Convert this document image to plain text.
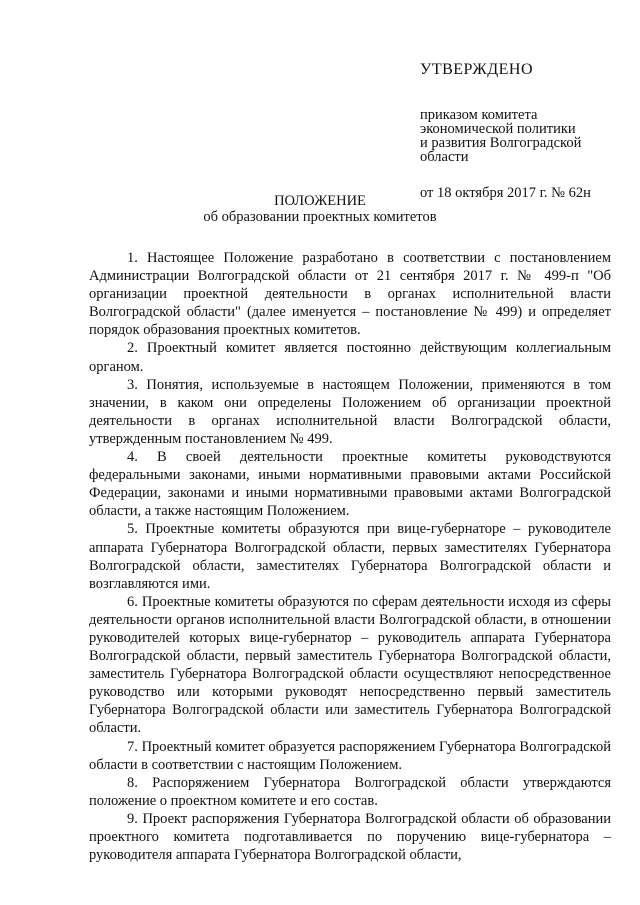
УТВЕРЖДЕНО
приказом комитета
экономической политики
и развития Волгоградской
области
от 18 октября 2017 г. № 62н
ПОЛОЖЕНИЕ
об образовании проектных комитетов

1. Настоящее Положение разработано в соответствии с постановлением Администрации Волгоградской области от 21 сентября 2017 г. № 499-п "Об организации проектной деятельности в органах исполнительной власти Волгоградской области" (далее именуется – постановление № 499) и определяет порядок образования проектных комитетов.

2. Проектный комитет является постоянно действующим коллегиальным органом.

3. Понятия, используемые в настоящем Положении, применяются в том значении, в каком они определены Положением об организации проектной деятельности в органах исполнительной власти Волгоградской области, утвержденным постановлением № 499.

4. В своей деятельности проектные комитеты руководствуются федеральными законами, иными нормативными правовыми актами Российской Федерации, законами и иными нормативными правовыми актами Волгоградской области, а также настоящим Положением.

5. Проектные комитеты образуются при вице-губернаторе – руководителе аппарата Губернатора Волгоградской области, первых заместителях Губернатора Волгоградской области, заместителях Губернатора Волгоградской области и возглавляются ими.

6. Проектные комитеты образуются по сферам деятельности исходя из сферы деятельности органов исполнительной власти Волгоградской области, в отношении руководителей которых вице-губернатор – руководитель аппарата Губернатора Волгоградской области, первый заместитель Губернатора Волгоградской области, заместитель Губернатора Волгоградской области осуществляют непосредственное руководство или которыми руководят непосредственно первый заместитель Губернатора Волгоградской области или заместитель Губернатора Волгоградской области.

7. Проектный комитет образуется распоряжением Губернатора Волгоградской области в соответствии с настоящим Положением.

8. Распоряжением Губернатора Волгоградской области утверждаются положение о проектном комитете и его состав.

9. Проект распоряжения Губернатора Волгоградской области об образовании проектного комитета подготавливается по поручению вице-губернатора – руководителя аппарата Губернатора Волгоградской области,
